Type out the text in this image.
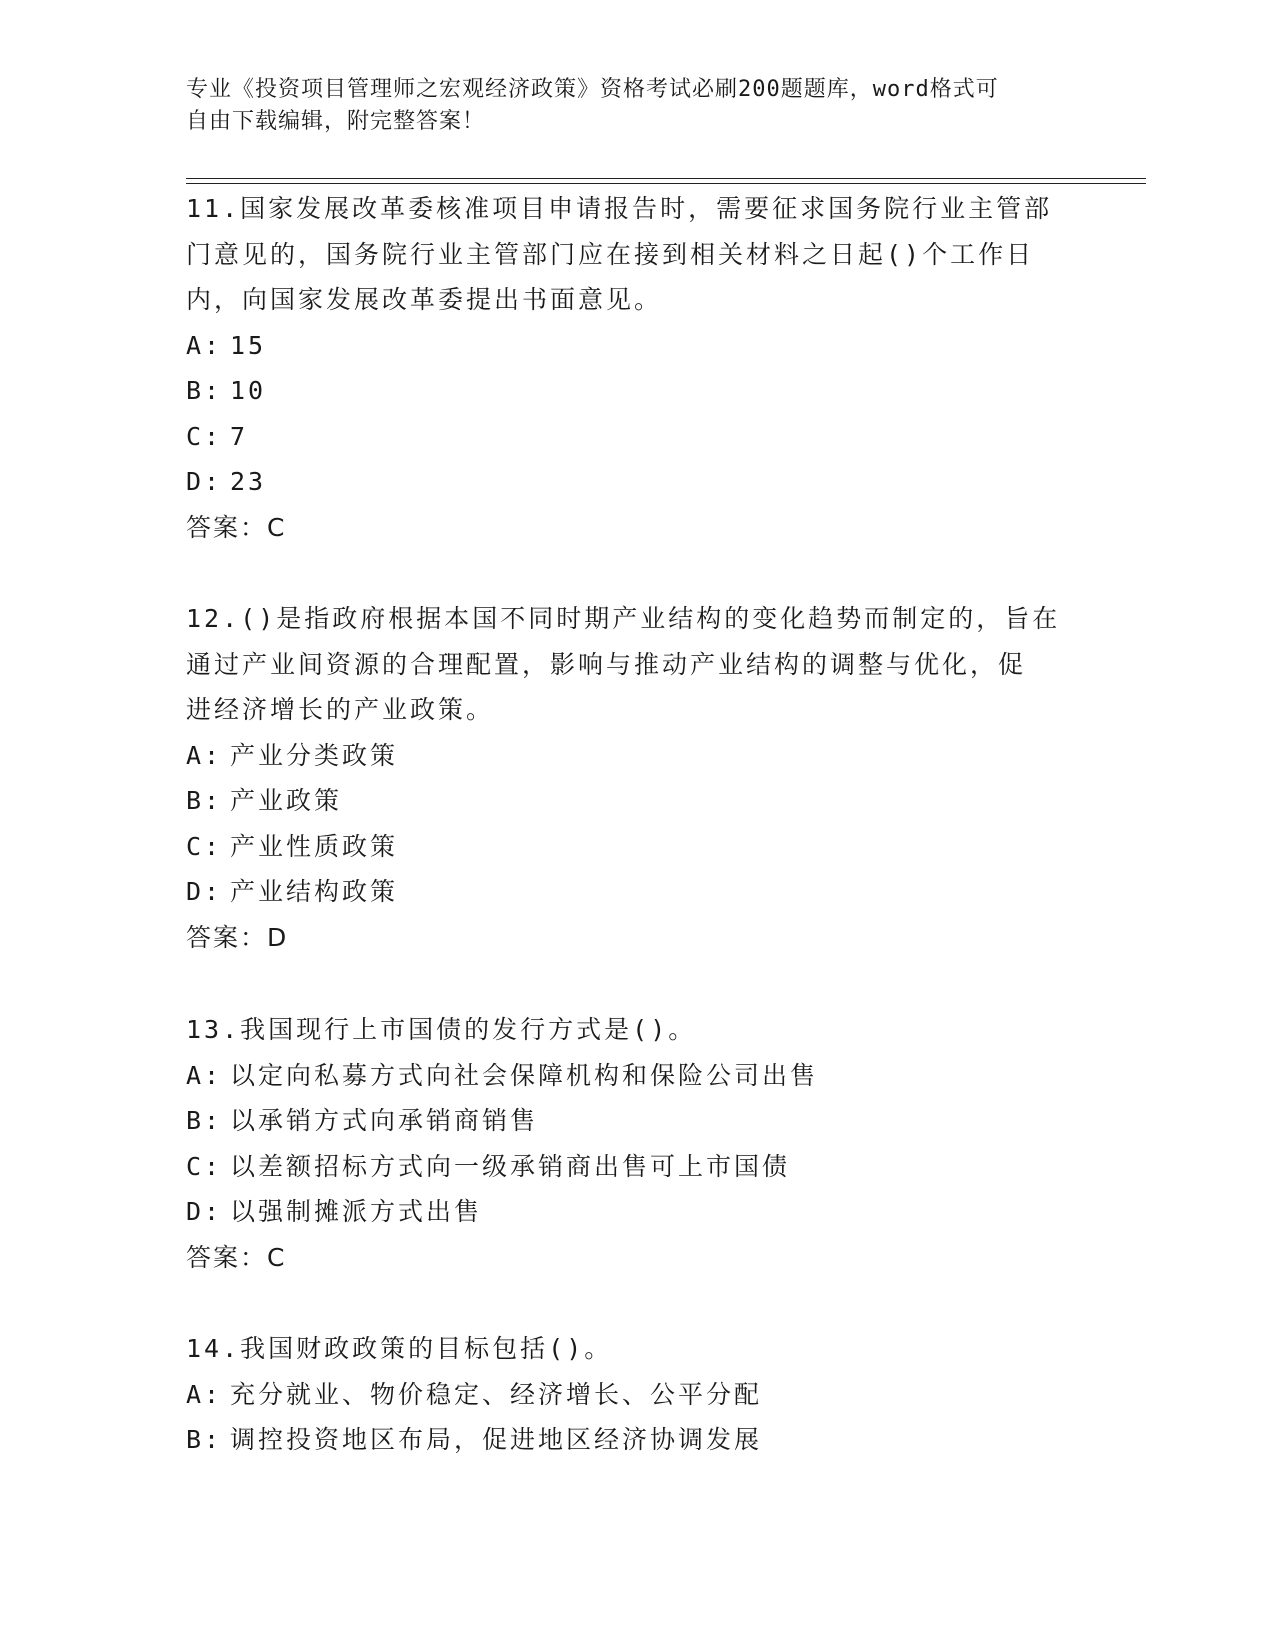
专业《投资项目管理师之宏观经济政策》资格考试必刷200题题库，word格式可
自由下载编辑，附完整答案！
11.国家发展改革委核准项目申请报告时，需要征求国务院行业主管部
门意见的，国务院行业主管部门应在接到相关材料之日起()个工作日
内，向国家发展改革委提出书面意见。
A: 15
B: 10
C: 7
D: 23
答案：C
12.()是指政府根据本国不同时期产业结构的变化趋势而制定的，旨在
通过产业间资源的合理配置，影响与推动产业结构的调整与优化，促
进经济增长的产业政策。
A: 产业分类政策
B: 产业政策
C: 产业性质政策
D: 产业结构政策
答案：D
13.我国现行上市国债的发行方式是()。
A: 以定向私募方式向社会保障机构和保险公司出售
B: 以承销方式向承销商销售
C: 以差额招标方式向一级承销商出售可上市国债
D: 以强制摊派方式出售
答案：C
14.我国财政政策的目标包括()。
A: 充分就业、物价稳定、经济增长、公平分配
B: 调控投资地区布局，促进地区经济协调发展
